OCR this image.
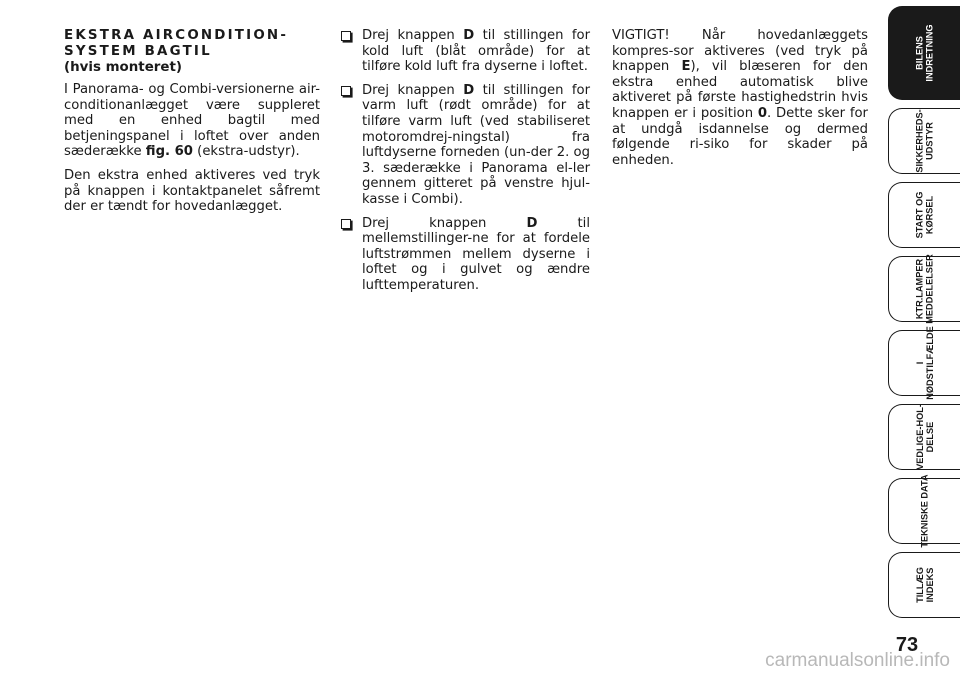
EKSTRA AIRCONDITION-
SYSTEM BAGTIL
(hvis monteret)

I Panorama- og Combi-versionerne air-conditionanlægget være suppleret med en enhed bagtil med betjeningspanel i loftet over anden sæderække fig. 60 (ekstra-udstyr).

Den ekstra enhed aktiveres ved tryk på knappen i kontaktpanelet såfremt der er tændt for hovedanlægget.

Drej knappen D til stillingen for kold luft (blåt område) for at tilføre kold luft fra dyserne i loftet.
Drej knappen D til stillingen for varm luft (rødt område) for at tilføre varm luft (ved stabiliseret motoromdrej-ningstal) fra luftdyserne forneden (un-der 2. og 3. sæderække i Panorama el-ler gennem gitteret på venstre hjul-kasse i Combi).
Drej knappen	D	til mellemstillinger-ne for at fordele luftstrømmen mellem dyserne i loftet og i gulvet og ændre lufttemperaturen.

VIGTIGT! Når hovedanlæggets kompres-sor aktiveres (ved tryk på knappen E), vil blæseren for den ekstra enhed automatisk blive aktiveret på første hastighedstrin hvis knappen er i position 0. Dette sker for at undgå isdannelse og dermed følgende ri-siko for skader på enheden.

BILENS
INDRETNING
SIKKERHEDS-
UDSTYR
START OG
KØRSEL
KTR.LAMPER
MEDDELELSER
I
NØDSTILFÆLDE
VEDLIGE-HOL-
DELSE
TEKNISKE DATA
TILLÆG
INDEKS
73
carmanualsonline.info
